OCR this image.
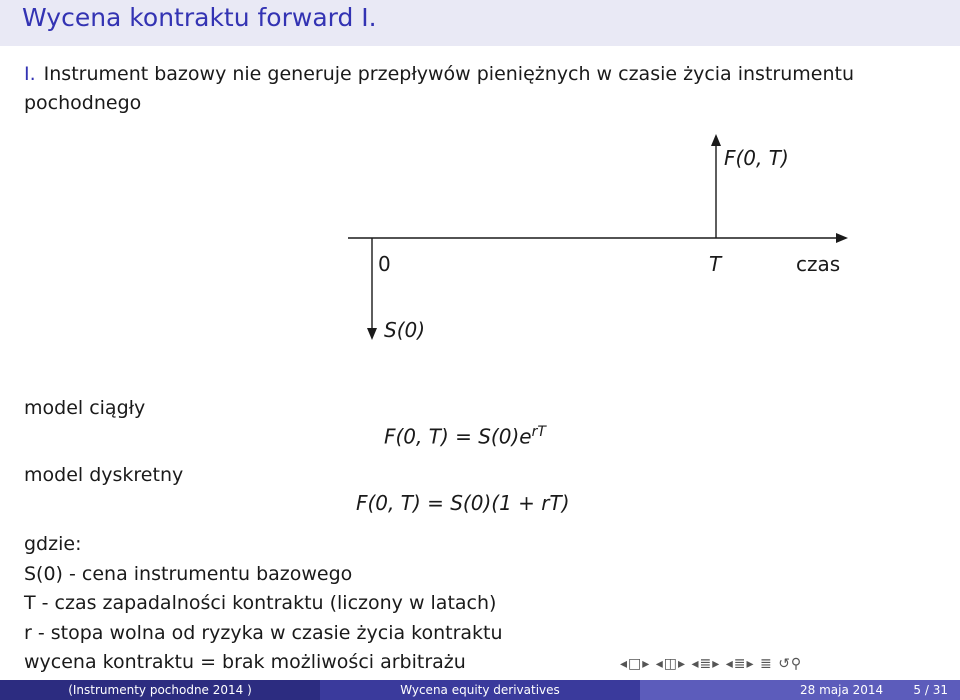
Wycena kontraktu forward I.
I. Instrument bazowy nie generuje przepływów pieniężnych w czasie życia instrumentu pochodnego
F(0, T)
0	T	czas
S(0)
model ciągły
F(0, $T) = S(0)e^{rT}$
model dyskretny
F(0, T) = S(0)(1 + rT)
gdzie:
S(0) - cena instrumentu bazowego
T - czas zapadalności kontraktu (liczony w latach)
r - stopa wolna od ryzyka w czasie życia kontraktu
wycena kontraktu = brak możliwości arbitrażu	◂□▸ ◂◫▸ ◂≣▸ ◂≣▸ ≣ ↺⚲
(Instrumenty pochodne 2014 )	Wycena equity derivatives	28 maja 2014	5 / 31
